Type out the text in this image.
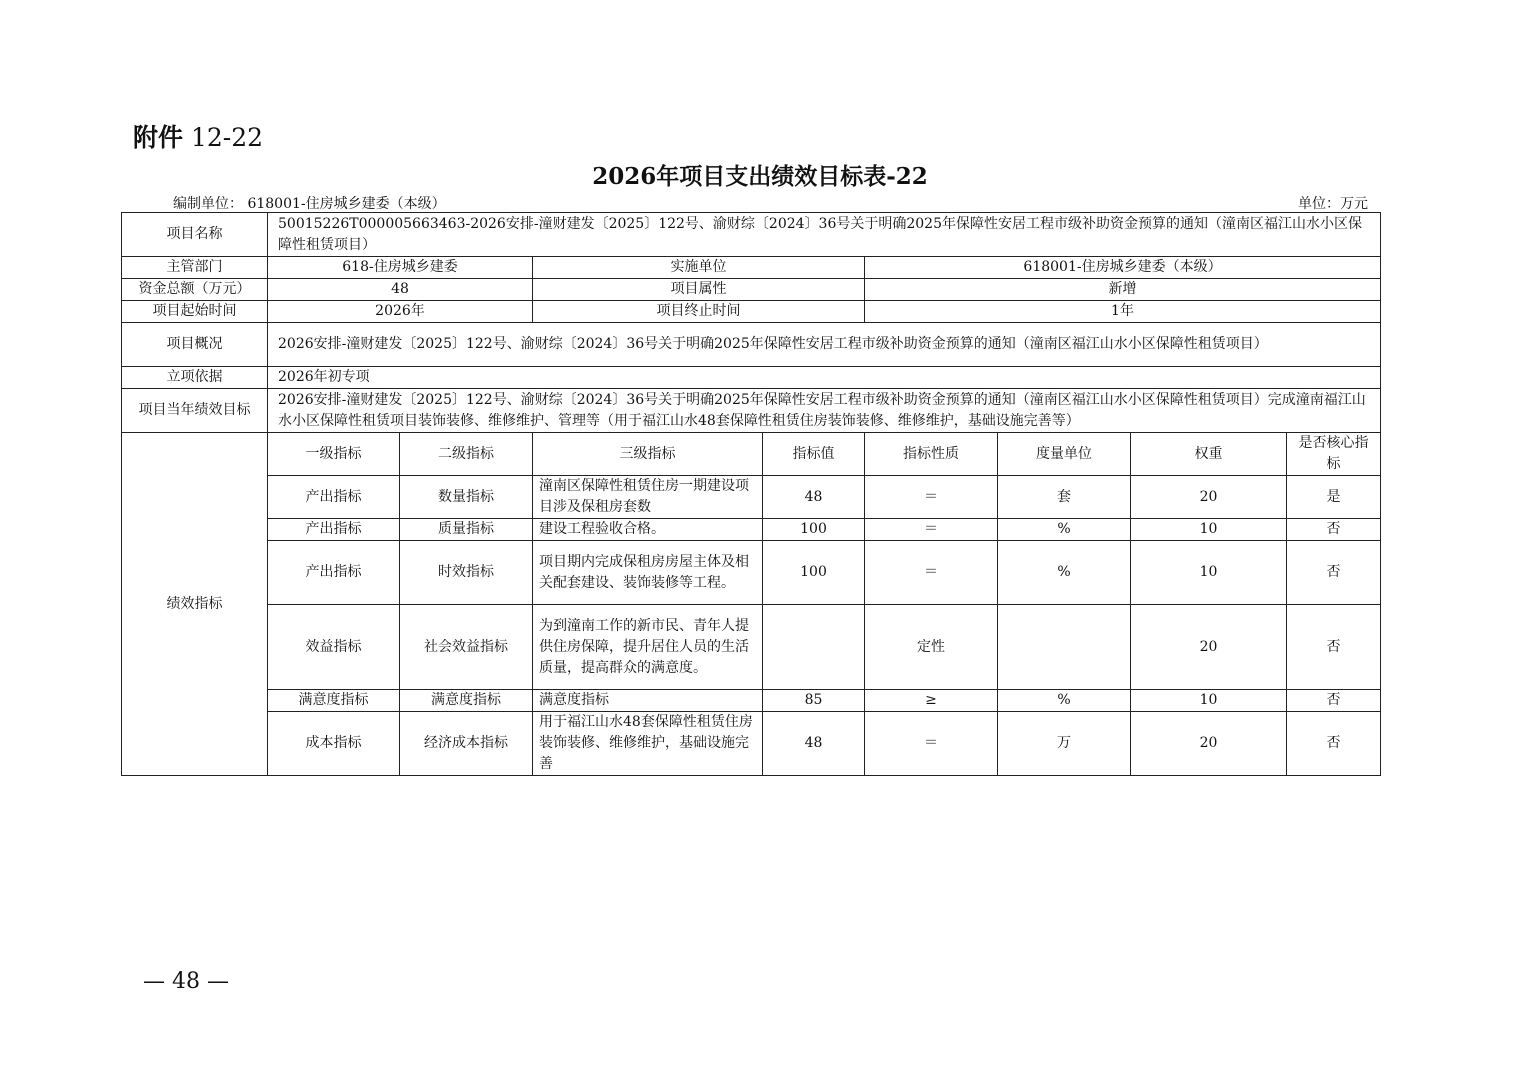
附件 12-22
2026年项目支出绩效目标表-22
编制单位： 618001-住房城乡建委（本级）	单位：万元
项目名称	50015226T000005663463-2026安排-潼财建发〔2025〕122号、渝财综〔2024〕36号关于明确2025年保障性安居工程市级补助资金预算的通知（潼南区福江山水小区保障性租赁项目）							
主管部门	618-住房城乡建委		实施单位		618001-住房城乡建委（本级）			
资金总额（万元）	48		项目属性		新增			
项目起始时间	2026年		项目终止时间		1年			
项目概况	2026安排-潼财建发〔2025〕122号、渝财综〔2024〕36号关于明确2025年保障性安居工程市级补助资金预算的通知（潼南区福江山水小区保障性租赁项目）							
立项依据	2026年初专项							
项目当年绩效目标	2026安排-潼财建发〔2025〕122号、渝财综〔2024〕36号关于明确2025年保障性安居工程市级补助资金预算的通知（潼南区福江山水小区保障性租赁项目）完成潼南福江山水小区保障性租赁项目装饰装修、维修维护、管理等（用于福江山水48套保障性租赁住房装饰装修、维修维护，基础设施完善等）							
绩效指标	一级指标	二级指标	三级指标	指标值	指标性质	度量单位	权重	是否核心指标
	产出指标	数量指标	潼南区保障性租赁住房一期建设项目涉及保租房套数	48	＝	套	20	是
	产出指标	质量指标	建设工程验收合格。	100	＝	%	10	否
	产出指标	时效指标	项目期内完成保租房房屋主体及相关配套建设、装饰装修等工程。	100	＝	%	10	否
	效益指标	社会效益指标	为到潼南工作的新市民、青年人提供住房保障，提升居住人员的生活质量，提高群众的满意度。		定性		20	否
	满意度指标	满意度指标	满意度指标	85	≥	%	10	否
	成本指标	经济成本指标	用于福江山水48套保障性租赁住房装饰装修、维修维护，基础设施完善	48	＝	万	20	否
— 48 —
